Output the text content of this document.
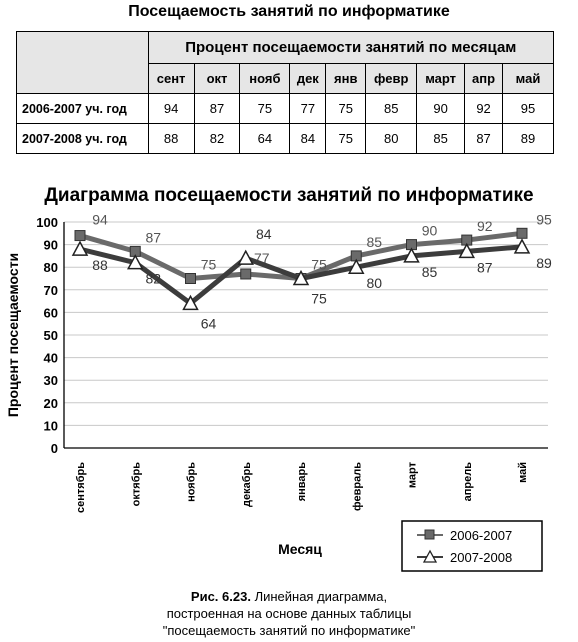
Посещаемость занятий по информатике
	Процент посещаемости занятий по месяцам								
	сент	окт	нояб	дек	янв	февр	март	апр	май
2006-2007 уч. год	94	87	75	77	75	85	90	92	95
2007-2008 уч. год	88	82	64	84	75	80	85	87	89
Диаграмма посещаемости занятий по информатике
0
10
20
30
40
50
60
70
80
90
100
сентябрь	октябрь	ноябрь	декабрь	январь	февраль	март	апрель	май
Процент посещаемости
Месяц
94
87
75	77	75
85
90	92	95
88
82
64
84
75
80
85	87	89
2006-2007
2007-2008
Рис. 6.23. Линейная диаграмма,
построенная на основе данных таблицы
"посещаемость занятий по информатике"
